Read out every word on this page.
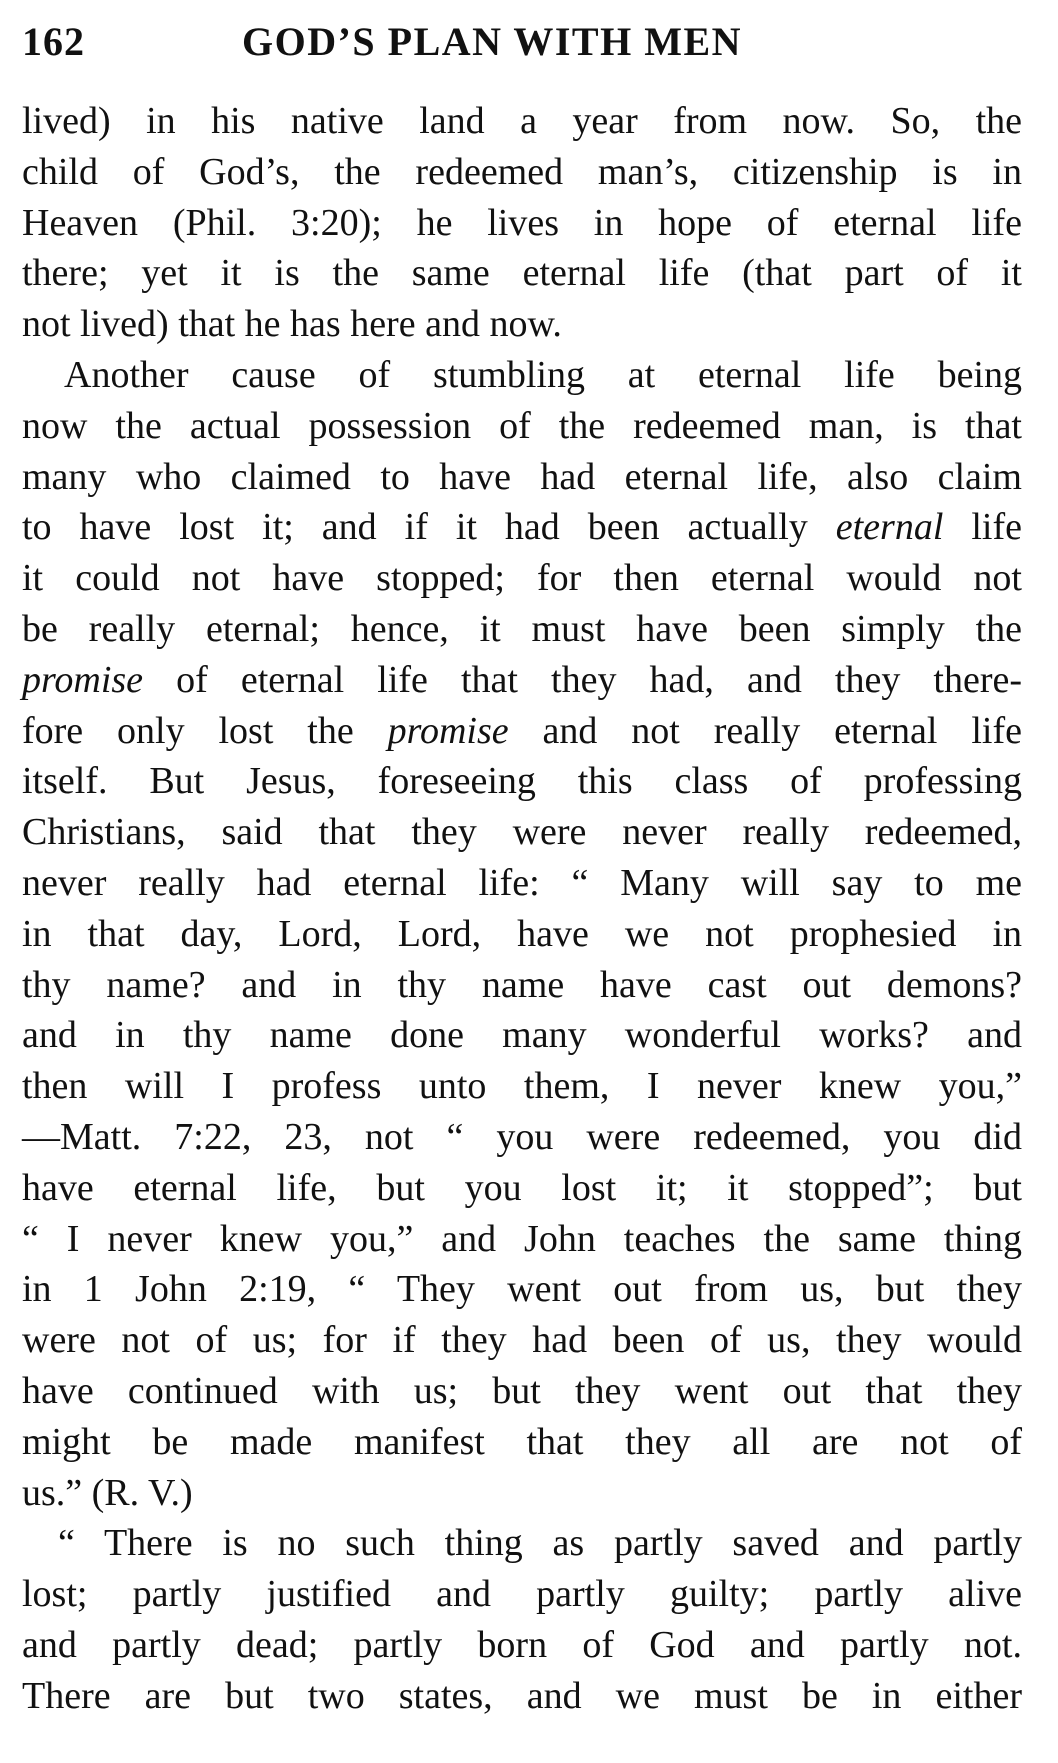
162	GOD’S PLAN WITH MEN
lived) in his native land a year from now. So, the
child of God’s, the redeemed man’s, citizenship is in
Heaven (Phil. 3:20); he lives in hope of eternal life
there; yet it is the same eternal life (that part of it
not lived) that he has here and now.
Another cause of stumbling at eternal life being
now the actual possession of the redeemed man, is that
many who claimed to have had eternal life, also claim
to have lost it; and if it had been actually eternal life
it could not have stopped; for then eternal would not
be really eternal; hence, it must have been simply the
promise of eternal life that they had, and they there-
fore only lost the promise and not really eternal life
itself. But Jesus, foreseeing this class of professing
Christians, said that they were never really redeemed,
never really had eternal life: “ Many will say to me
in that day, Lord, Lord, have we not prophesied in
thy name? and in thy name have cast out demons?
and in thy name done many wonderful works? and
then will I profess unto them, I never knew you,”
—Matt. 7:22, 23, not “ you were redeemed, you did
have eternal life, but you lost it; it stopped”; but
“ I never knew you,” and John teaches the same thing
in 1 John 2:19, “ They went out from us, but they
were not of us; for if they had been of us, they would
have continued with us; but they went out that they
might be made manifest that they all are not of
us.” (R. V.)
“ There is no such thing as partly saved and partly
lost; partly justified and partly guilty; partly alive
and partly dead; partly born of God and partly not.
There are but two states, and we must be in either
